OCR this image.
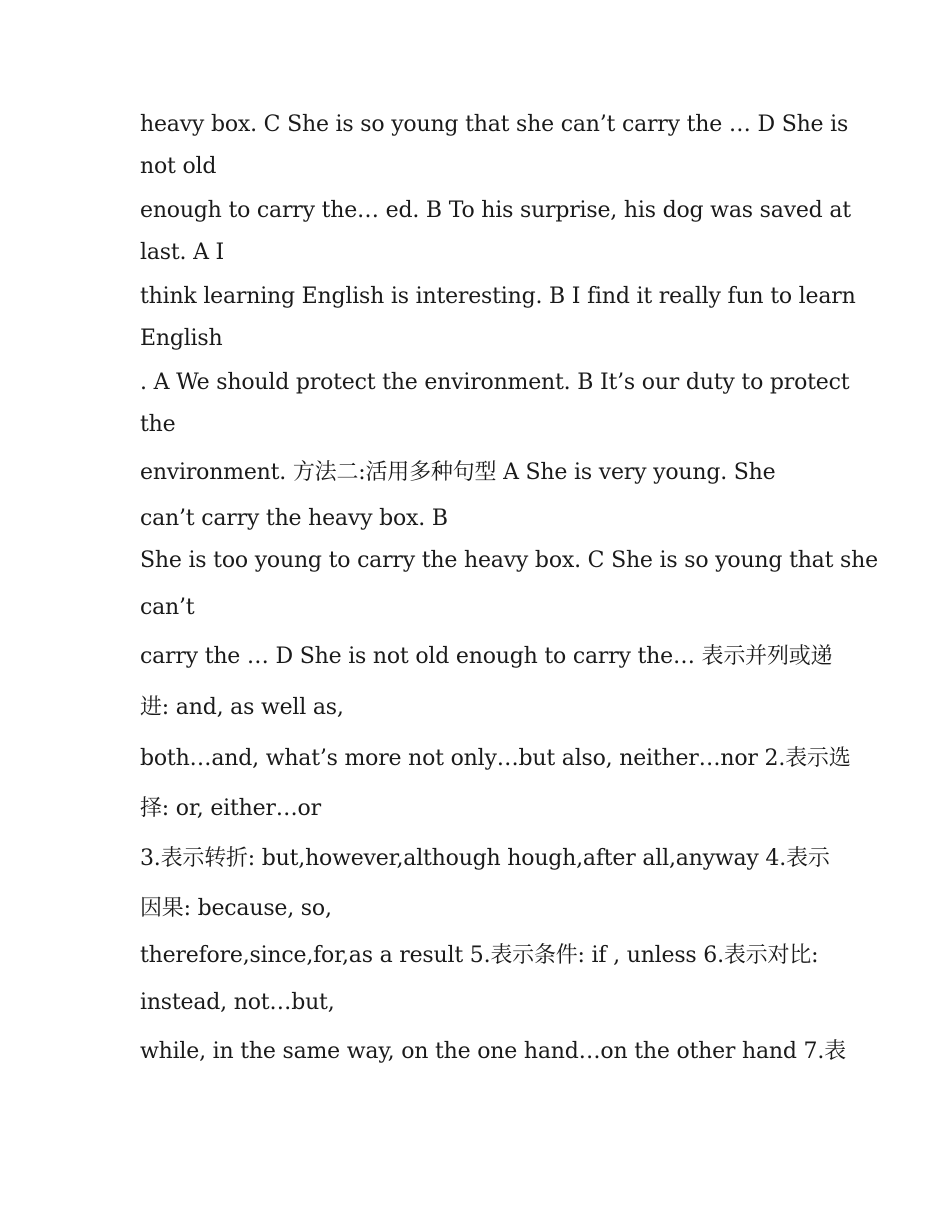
heavy box. C She is so young that she can’t carry the … D She is
not old
enough to carry the… ed. B To his surprise, his dog was saved at
last. A I
think learning English is interesting. B I find it really fun to learn
English
. A We should protect the environment. B It’s our duty to protect
the
environment. 方法二:活用多种句型 A She is very young. She
can’t carry the heavy box. B
She is too young to carry the heavy box. C She is so young that she
can’t
carry the … D She is not old enough to carry the… 表示并列或递
进: and, as well as,
both…and, what’s more not only…but also, neither…nor 2.表示选
择: or, either…or
3.表示转折: but,however,although hough,after all,anyway 4.表示
因果: because, so,
therefore,since,for,as a result 5.表示条件: if , unless 6.表示对比:
instead, not…but,
while, in the same way, on the one hand…on the other hand 7.表
